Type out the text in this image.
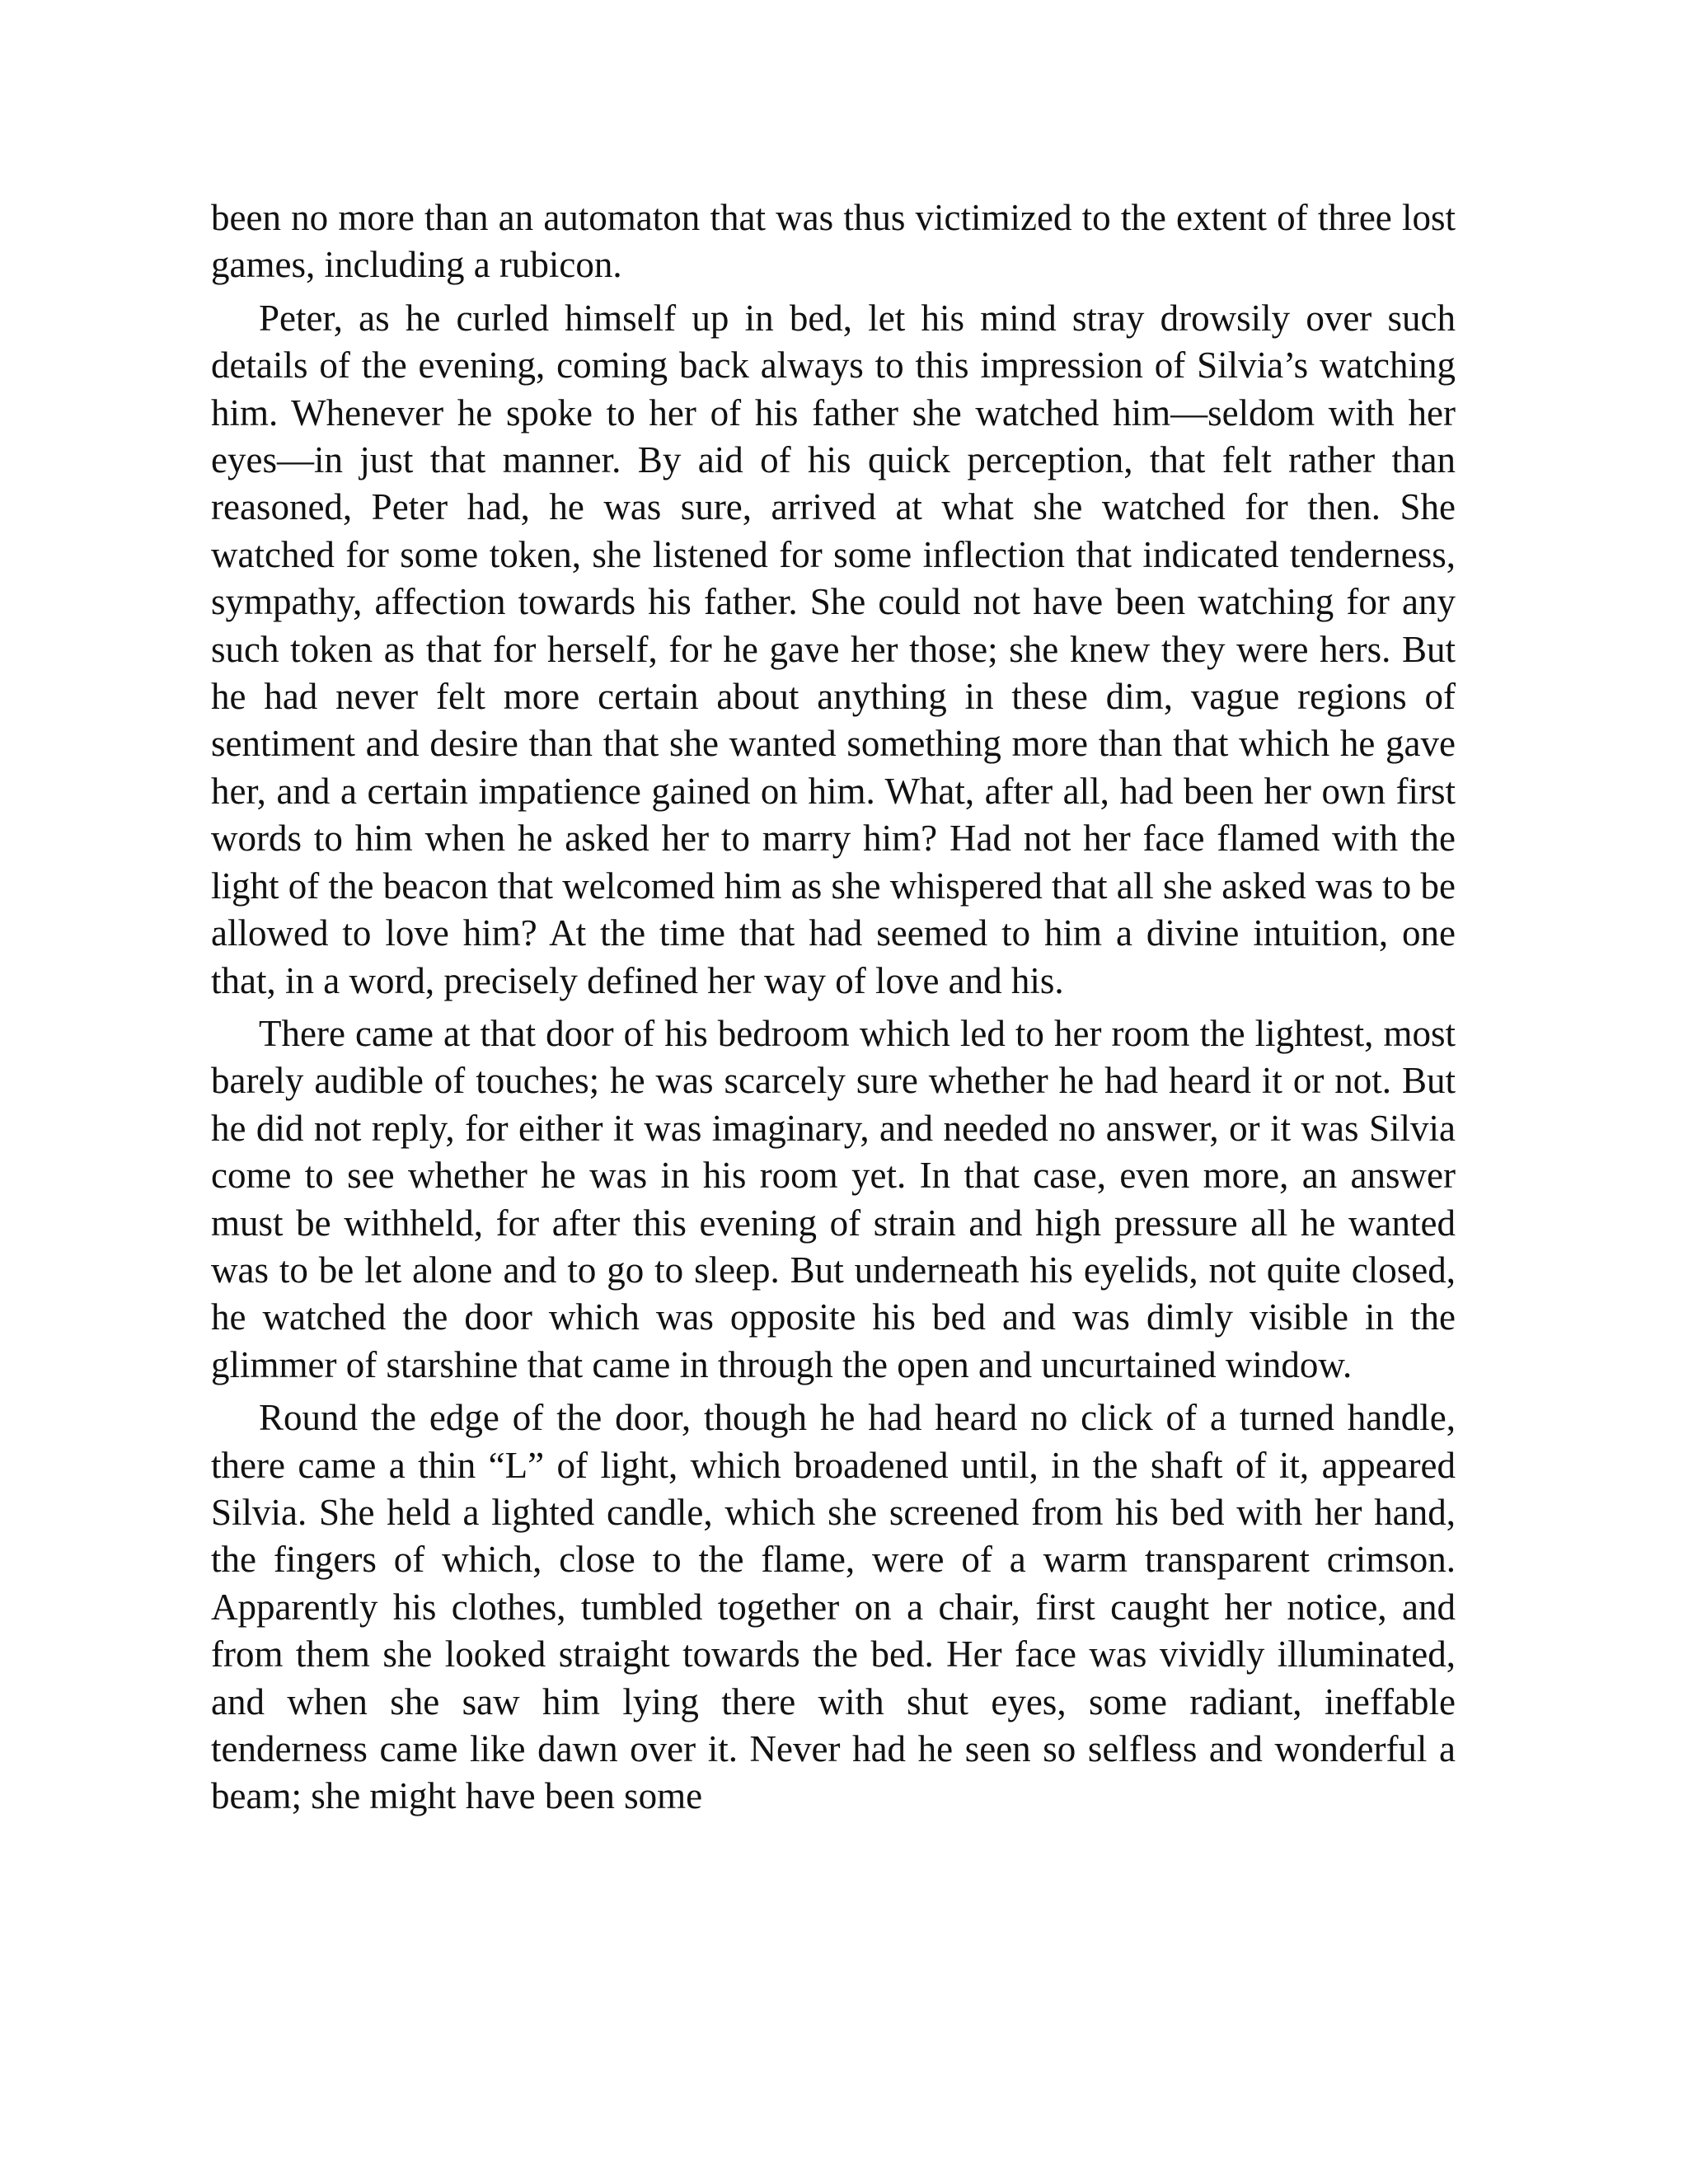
been no more than an automaton that was thus victimized to the extent of three lost games, including a rubicon.

Peter, as he curled himself up in bed, let his mind stray drowsily over such details of the evening, coming back always to this impression of Silvia’s watching him. Whenever he spoke to her of his father she watched him—seldom with her eyes—in just that manner. By aid of his quick perception, that felt rather than reasoned, Peter had, he was sure, arrived at what she watched for then. She watched for some token, she listened for some inflection that indicated tenderness, sympathy, affection towards his father. She could not have been watching for any such token as that for herself, for he gave her those; she knew they were hers. But he had never felt more certain about anything in these dim, vague regions of sentiment and desire than that she wanted something more than that which he gave her, and a certain impatience gained on him. What, after all, had been her own first words to him when he asked her to marry him? Had not her face flamed with the light of the beacon that welcomed him as she whispered that all she asked was to be allowed to love him? At the time that had seemed to him a divine intuition, one that, in a word, precisely defined her way of love and his.

There came at that door of his bedroom which led to her room the lightest, most barely audible of touches; he was scarcely sure whether he had heard it or not. But he did not reply, for either it was imaginary, and needed no answer, or it was Silvia come to see whether he was in his room yet. In that case, even more, an answer must be withheld, for after this evening of strain and high pressure all he wanted was to be let alone and to go to sleep. But underneath his eyelids, not quite closed, he watched the door which was opposite his bed and was dimly visible in the glimmer of starshine that came in through the open and uncurtained window.

Round the edge of the door, though he had heard no click of a turned handle, there came a thin “L” of light, which broadened until, in the shaft of it, appeared Silvia. She held a lighted candle, which she screened from his bed with her hand, the fingers of which, close to the flame, were of a warm transparent crimson. Apparently his clothes, tumbled together on a chair, first caught her notice, and from them she looked straight towards the bed. Her face was vividly illuminated, and when she saw him lying there with shut eyes, some radiant, ineffable tenderness came like dawn over it. Never had he seen so selfless and wonderful a beam; she might have been some
